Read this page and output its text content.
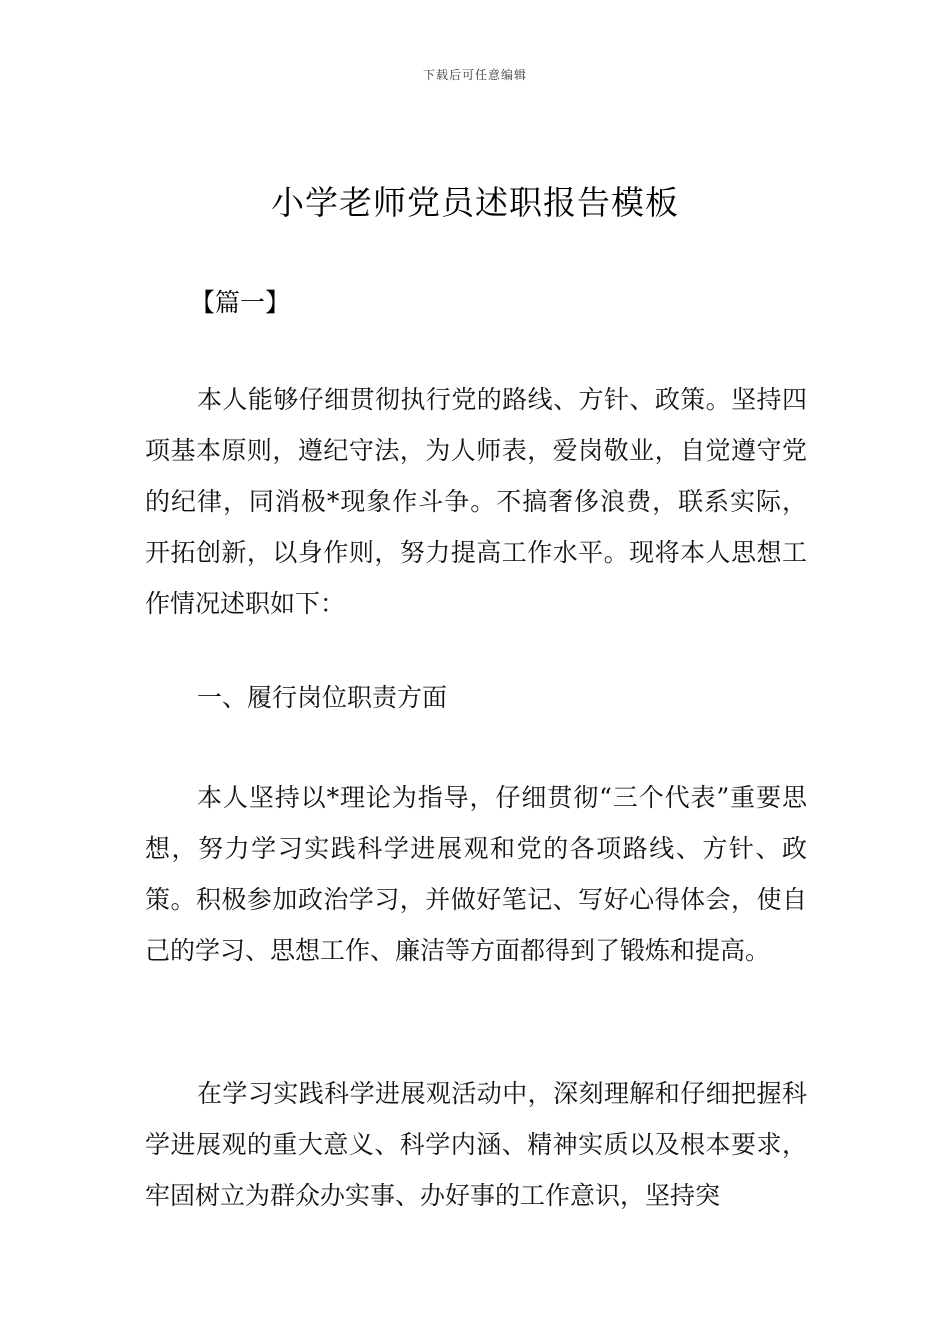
下载后可任意编辑
小学老师党员述职报告模板
【篇一】

本人能够仔细贯彻执行党的路线、方针、政策。坚持四项基本原则，遵纪守法，为人师表，爱岗敬业，自觉遵守党的纪律，同消极*现象作斗争。不搞奢侈浪费，联系实际，开拓创新，以身作则，努力提高工作水平。现将本人思想工作情况述职如下：

一、履行岗位职责方面

本人坚持以*理论为指导，仔细贯彻“三个代表”重要思想，努力学习实践科学进展观和党的各项路线、方针、政策。积极参加政治学习，并做好笔记、写好心得体会，使自己的学习、思想工作、廉洁等方面都得到了锻炼和提高。

在学习实践科学进展观活动中，深刻理解和仔细把握科学进展观的重大意义、科学内涵、精神实质以及根本要求，牢固树立为群众办实事、办好事的工作意识，坚持突
